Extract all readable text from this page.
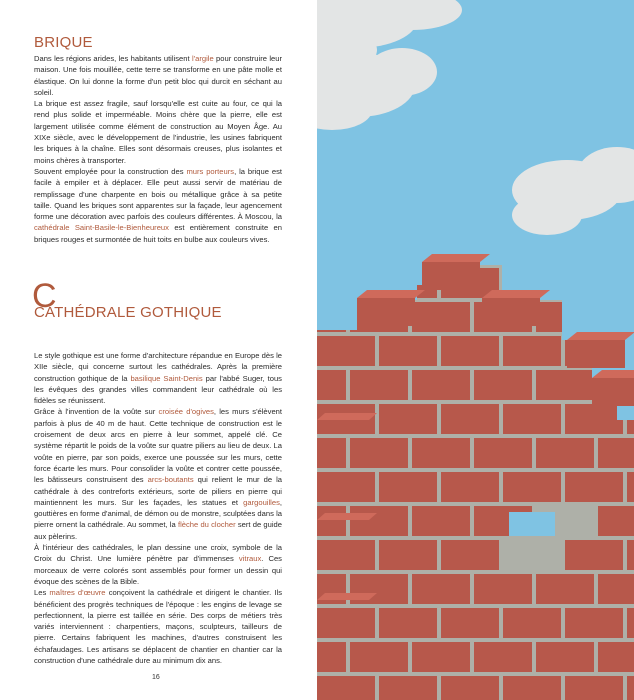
BRIQUE

Dans les régions arides, les habitants utilisent l'argile pour construire leur maison. Une fois mouillée, cette terre se transforme en une pâte molle et élastique. On lui donne la forme d'un petit bloc qui durcit en séchant au soleil.

La brique est assez fragile, sauf lorsqu'elle est cuite au four, ce qui la rend plus solide et imperméable. Moins chère que la pierre, elle est largement utilisée comme élément de construction au Moyen Âge. Au XIXe siècle, avec le développement de l'industrie, les usines fabriquent les briques à la chaîne. Elles sont désormais creuses, plus isolantes et moins chères à transporter.

Souvent employée pour la construction des murs porteurs, la brique est facile à empiler et à déplacer. Elle peut aussi servir de matériau de remplissage d'une charpente en bois ou métallique grâce à sa petite taille. Quand les briques sont apparentes sur la façade, leur agencement forme une décoration avec parfois des couleurs différentes. À Moscou, la cathédrale Saint-Basile-le-Bienheureux est entièrement construite en briques rouges et surmontée de huit toits en bulbe aux couleurs vives.

C
CATHÉDRALE GOTHIQUE

Le style gothique est une forme d'architecture répandue en Europe dès le XIIe siècle, qui concerne surtout les cathédrales. Après la première construction gothique de la basilique Saint-Denis par l'abbé Suger, tous les évêques des grandes villes commandent leur cathédrale où les fidèles se réunissent.

Grâce à l'invention de la voûte sur croisée d'ogives, les murs s'élèvent parfois à plus de 40 m de haut. Cette technique de construction est le croisement de deux arcs en pierre à leur sommet, appelé clé. Ce système répartit le poids de la voûte sur quatre piliers au lieu de deux. La voûte en pierre, par son poids, exerce une poussée sur les murs, cette force écarte les murs. Pour consolider la voûte et contrer cette poussée, les bâtisseurs construisent des arcs-boutants qui relient le mur de la cathédrale à des contreforts extérieurs, sorte de piliers en pierre qui maintiennent les murs. Sur les façades, les statues et gargouilles, gouttières en forme d'animal, de démon ou de monstre, sculptées dans la pierre ornent la cathédrale. Au sommet, la flèche du clocher sert de guide aux pèlerins.

À l'intérieur des cathédrales, le plan dessine une croix, symbole de la Croix du Christ. Une lumière pénètre par d'immenses vitraux. Ces morceaux de verre colorés sont assemblés pour former un dessin qui évoque des scènes de la Bible.

Les maîtres d'œuvre conçoivent la cathédrale et dirigent le chantier. Ils bénéficient des progrès techniques de l'époque : les engins de levage se perfectionnent, la pierre est taillée en série. Des corps de métiers très variés interviennent : charpentiers, maçons, sculpteurs, tailleurs de pierre. Certains fabriquent les machines, d'autres construisent les échafaudages. Les artisans se déplacent de chantier en chantier car la construction d'une cathédrale dure au minimum dix ans.

16
